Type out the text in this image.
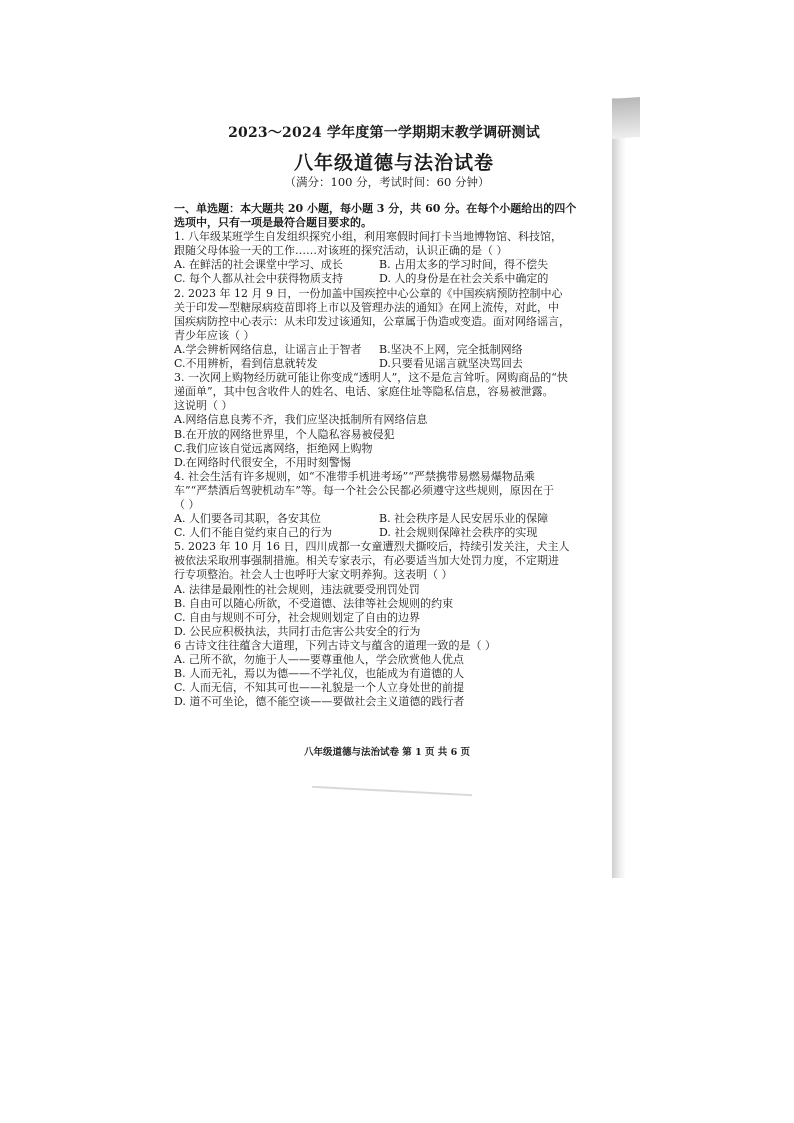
2023～2024 学年度第一学期期末教学调研测试
八年级道德与法治试卷
（满分：100 分，考试时间：60 分钟）
一、单选题：本大题共 20 小题，每小题 3 分，共 60 分。在每个小题给出的四个
选项中，只有一项是最符合题目要求的。
1. 八年级某班学生自发组织探究小组，利用寒假时间打卡当地博物馆、科技馆，
跟随父母体验一天的工作……对该班的探究活动，认识正确的是（ ）
A. 在鲜活的社会课堂中学习、成长	B. 占用太多的学习时间，得不偿失
C. 每个人都从社会中获得物质支持	D. 人的身份是在社会关系中确定的
2. 2023 年 12 月 9 日，一份加盖中国疾控中心公章的《中国疾病预防控制中心
关于印发—型糖尿病疫苗即将上市以及管理办法的通知》在网上流传，对此，中
国疾病防控中心表示：从未印发过该通知，公章属于伪造或变造。面对网络谣言，
青少年应该（ ）
A.学会辨析网络信息，让谣言止于智者	B.坚决不上网，完全抵制网络
C.不用辨析，看到信息就转发	D.只要看见谣言就坚决骂回去
3. 一次网上购物经历就可能让你变成“透明人”，这不是危言耸听。网购商品的“快
递面单”，其中包含收件人的姓名、电话、家庭住址等隐私信息，容易被泄露。
这说明（ ）
A.网络信息良莠不齐，我们应坚决抵制所有网络信息
B.在开放的网络世界里，个人隐私容易被侵犯
C.我们应该自觉远离网络，拒绝网上购物
D.在网络时代很安全，不用时刻警惕
4. 社会生活有许多规则，如“不准带手机进考场”“严禁携带易燃易爆物品乘
车”“严禁酒后驾驶机动车”等。每一个社会公民都必须遵守这些规则，原因在于
（ ）
A. 人们要各司其职，各安其位	B. 社会秩序是人民安居乐业的保障
C. 人们不能自觉约束自己的行为	D. 社会规则保障社会秩序的实现
5. 2023 年 10 月 16 日，四川成都一女童遭烈犬撕咬后，持续引发关注，犬主人
被依法采取刑事强制措施。相关专家表示，有必要适当加大处罚力度，不定期进
行专项整治。社会人士也呼吁大家文明养狗。这表明（ ）
A. 法律是最刚性的社会规则，违法就要受刑罚处罚
B. 自由可以随心所欲，不受道德、法律等社会规则的约束
C. 自由与规则不可分，社会规则划定了自由的边界
D. 公民应积极执法，共同打击危害公共安全的行为
6 古诗文往往蕴含大道理，下列古诗文与蕴含的道理一致的是（ ）
A. 己所不欲，勿施于人——要尊重他人，学会欣赏他人优点
B. 人而无礼，焉以为德——不学礼仪，也能成为有道德的人
C. 人而无信，不知其可也——礼貌是一个人立身处世的前提
D. 道不可坐论，德不能空谈——要做社会主义道德的践行者
八年级道德与法治试卷 第 1 页 共 6 页
